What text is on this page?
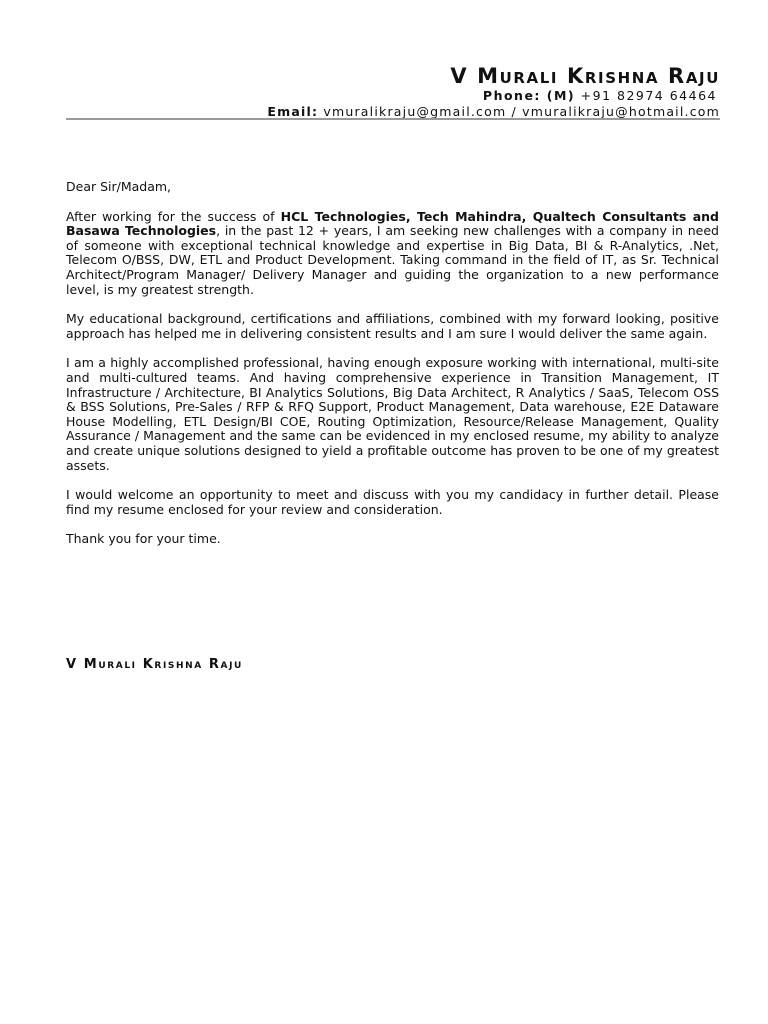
V Murali Krishna Raju
Phone: (M) +91 82974 64464
Email: vmuralikraju@gmail.com / vmuralikraju@hotmail.com

Dear Sir/Madam,

After working for the success of HCL Technologies, Tech Mahindra, Qualtech Consultants and Basawa Technologies, in the past 12 + years, I am seeking new challenges with a company in need of someone with exceptional technical knowledge and expertise in Big Data, BI & R-Analytics, .Net, Telecom O/BSS, DW, ETL and Product Development. Taking command in the field of IT, as Sr. Technical Architect/Program Manager/ Delivery Manager and guiding the organization to a new performance level, is my greatest strength.

My educational background, certifications and affiliations, combined with my forward looking, positive approach has helped me in delivering consistent results and I am sure I would deliver the same again.

I am a highly accomplished professional, having enough exposure working with international, multi-site and multi-cultured teams. And having comprehensive experience in Transition Management, IT Infrastructure / Architecture, BI Analytics Solutions, Big Data Architect, R Analytics / SaaS, Telecom OSS & BSS Solutions, Pre-Sales / RFP & RFQ Support, Product Management, Data warehouse, E2E Dataware House Modelling, ETL Design/BI COE, Routing Optimization, Resource/Release Management, Quality Assurance / Management and the same can be evidenced in my enclosed resume, my ability to analyze and create unique solutions designed to yield a profitable outcome has proven to be one of my greatest assets.

I would welcome an opportunity to meet and discuss with you my candidacy in further detail. Please find my resume enclosed for your review and consideration.

Thank you for your time.

V Murali Krishna Raju
